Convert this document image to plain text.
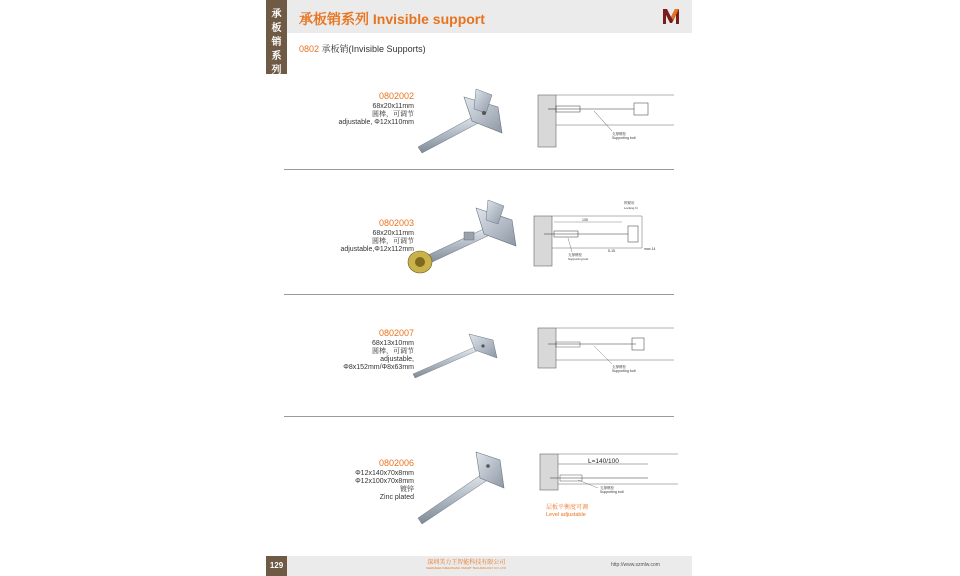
承
板
销
系
列
承板销系列 Invisible support
0802 承板销(Invisible Supports)
0802002
68x20x11mm
圆棒，可调节
adjustable, Φ12x110mm
支撑螺栓
Supporting bolt
0802003
68x20x11mm
圆棒，可调节
adjustable,Φ12x112mm
105
锁紧用
Locking hr
支撑螺栓
Supporting bolt
5-15	max.14
0802007
68x13x10mm
圆棒，可调节
adjustable,
Φ8x152mm/Φ8x63mm	支撑螺栓
Supporting bolt
0802006
Φ12x140x70x8mm
Φ12x100x70x8mm
镀锌
Zinc plated
L=140/100
支撑螺栓
Supporting bolt
层板平衡度可调
Level adjustable
129	深圳美力王智能科技有限公司
SHENZHEN MEILIWANG SMART TECHNOLOGY CO.,LTD.	http://www.szmlw.com
